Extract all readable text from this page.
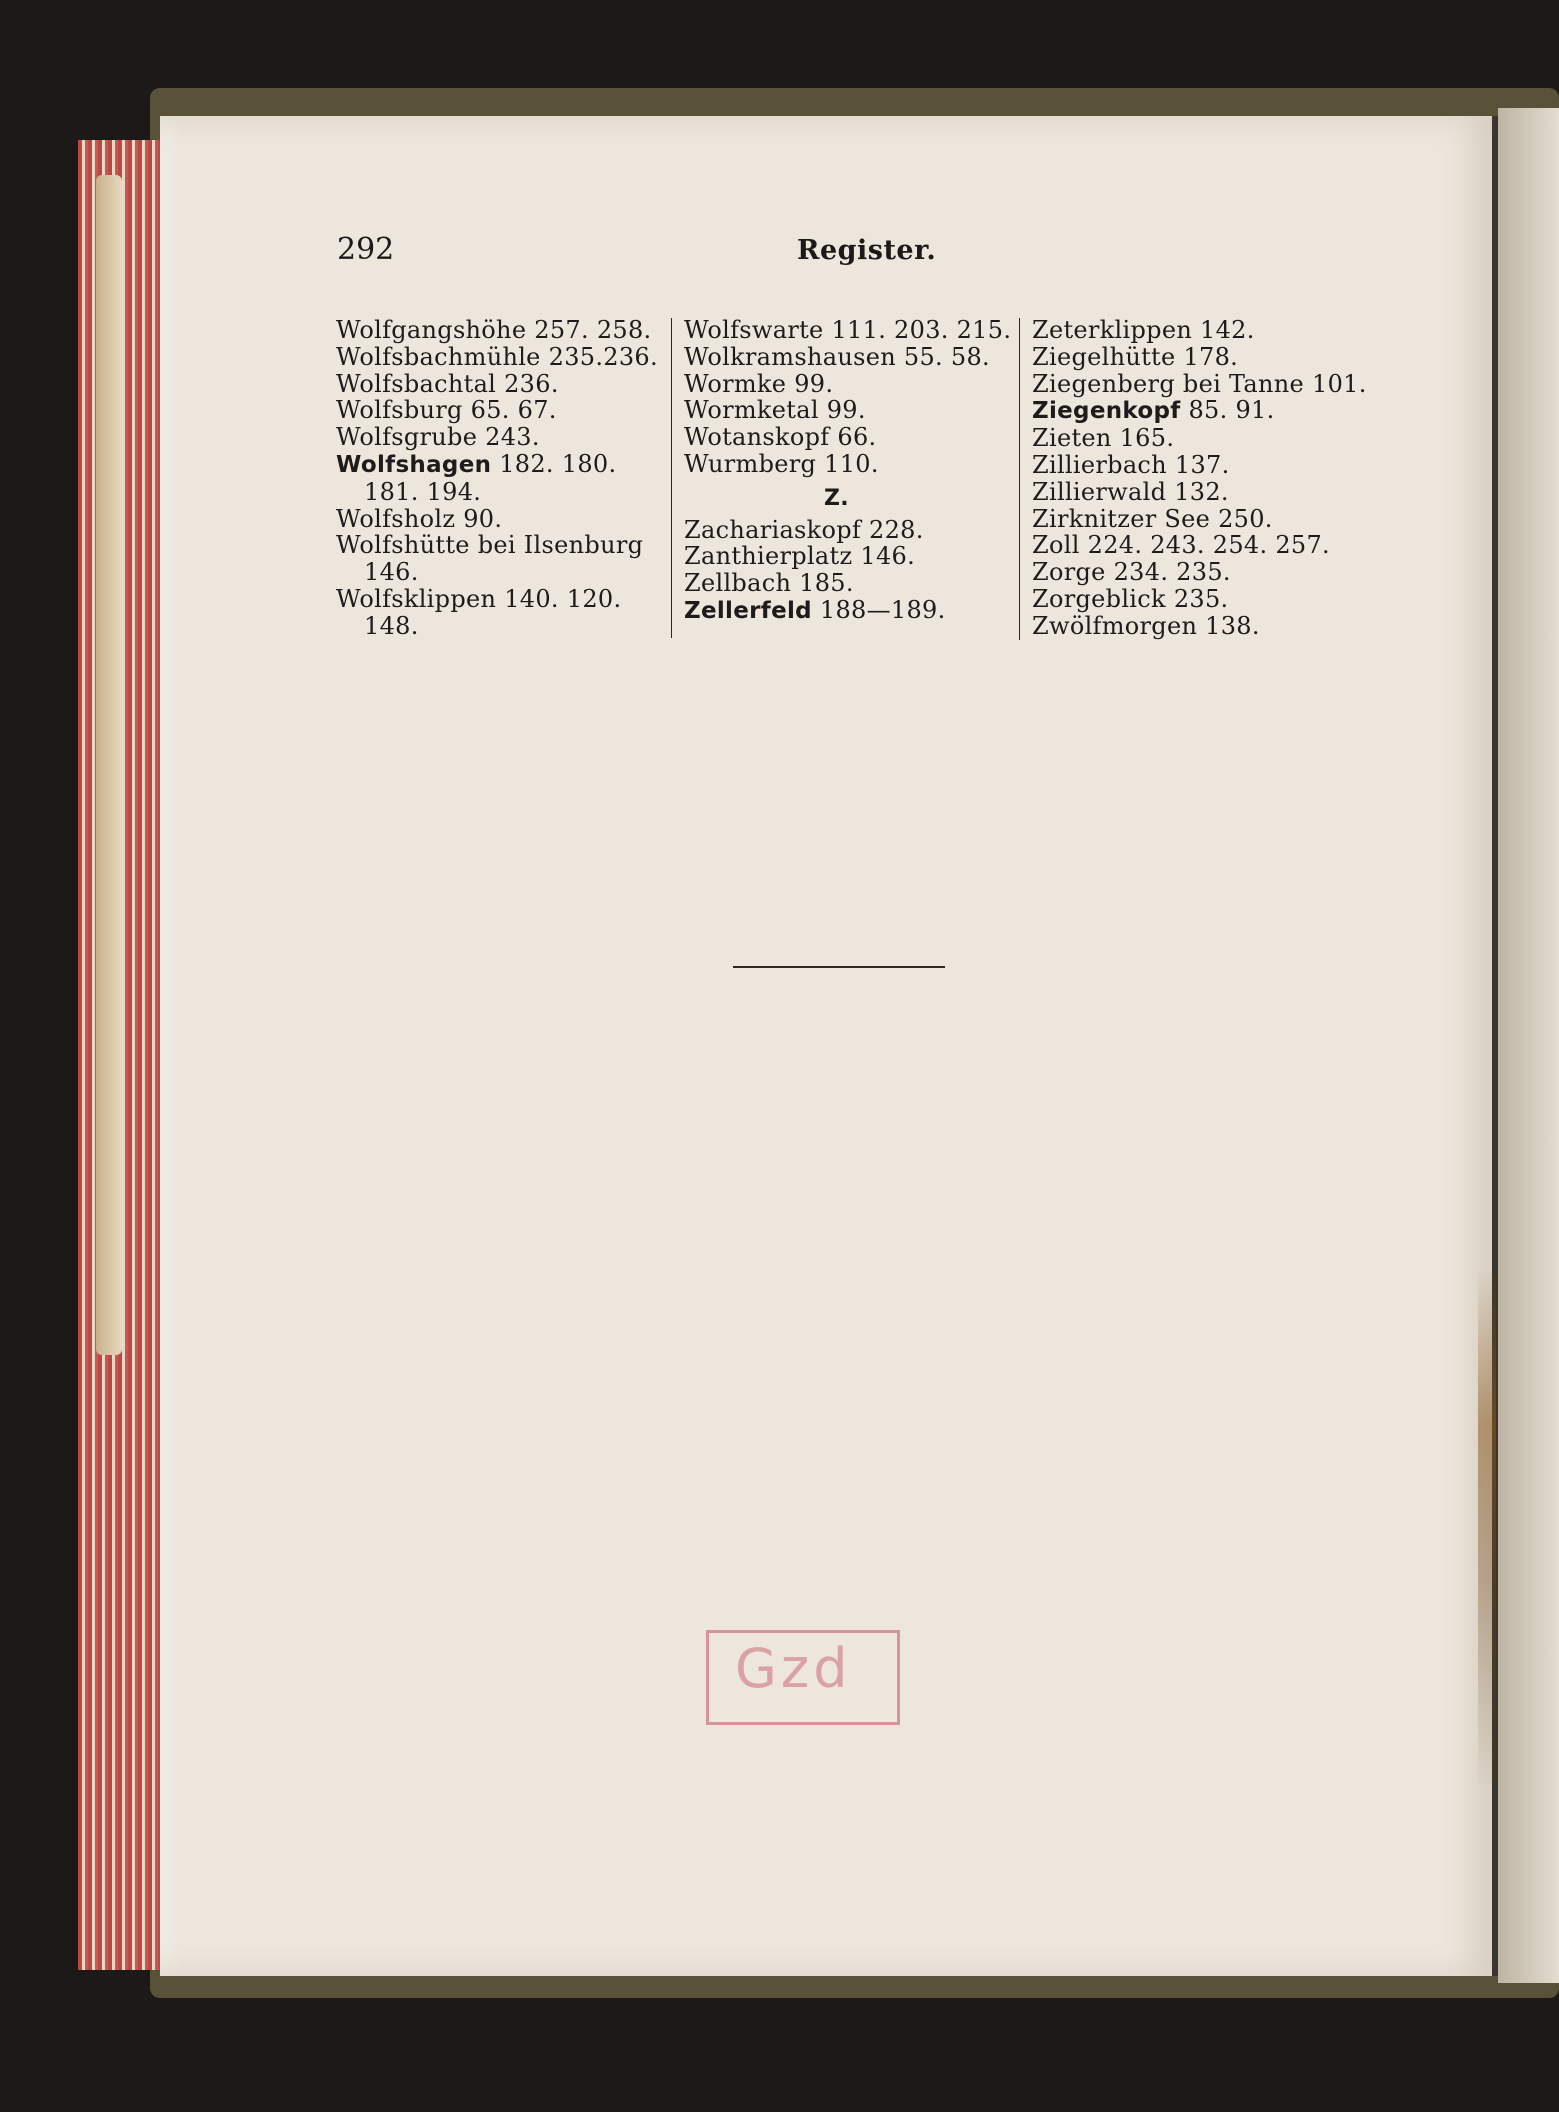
292	Register.
Wolfgangshöhe 257. 258.
Wolfsbachmühle 235.236.
Wolfsbachtal 236.
Wolfsburg 65. 67.
Wolfsgrube 243.
Wolfshagen 182. 180.
181. 194.
Wolfsholz 90.
Wolfshütte bei Ilsenburg
146.
Wolfsklippen 140. 120.
148.
Wolfswarte 111. 203. 215.
Wolkramshausen 55. 58.
Wormke 99.
Wormketal 99.
Wotanskopf 66.
Wurmberg 110.
Z.
Zachariaskopf 228.
Zanthierplatz 146.
Zellbach 185.
Zellerfeld 188—189.
Zeterklippen 142.
Ziegelhütte 178.
Ziegenberg bei Tanne 101.
Ziegenkopf 85. 91.
Zieten 165.
Zillierbach 137.
Zillierwald 132.
Zirknitzer See 250.
Zoll 224. 243. 254. 257.
Zorge 234. 235.
Zorgeblick 235.
Zwölfmorgen 138.
Gzd
